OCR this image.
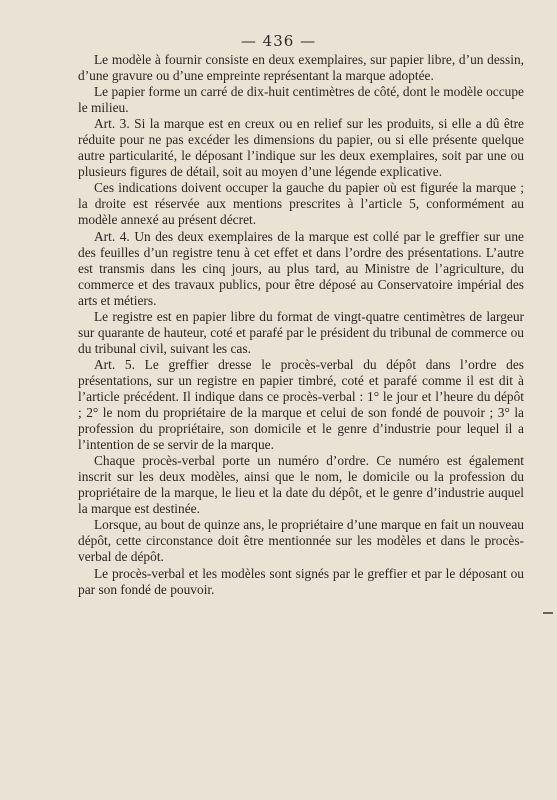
— 436 —

Le modèle à fournir consiste en deux exemplaires, sur papier libre, d’un dessin, d’une gravure ou d’une empreinte représentant la marque adoptée.

Le papier forme un carré de dix-huit centimètres de côté, dont le modèle occupe le milieu.

Art. 3. Si la marque est en creux ou en relief sur les produits, si elle a dû être réduite pour ne pas excéder les dimensions du papier, ou si elle présente quelque autre particularité, le déposant l’indique sur les deux exemplaires, soit par une ou plusieurs figures de détail, soit au moyen d’une légende explicative.

Ces indications doivent occuper la gauche du papier où est figurée la marque ; la droite est réservée aux mentions prescrites à l’article 5, conformément au modèle annexé au présent décret.

Art. 4. Un des deux exemplaires de la marque est collé par le greffier sur une des feuilles d’un registre tenu à cet effet et dans l’ordre des présentations. L’autre est transmis dans les cinq jours, au plus tard, au Ministre de l’agriculture, du commerce et des travaux publics, pour être déposé au Conservatoire impérial des arts et métiers.

Le registre est en papier libre du format de vingt-quatre centimètres de largeur sur quarante de hauteur, coté et parafé par le président du tribunal de commerce ou du tribunal civil, suivant les cas.

Art. 5. Le greffier dresse le procès-verbal du dépôt dans l’ordre des présentations, sur un registre en papier timbré, coté et parafé comme il est dit à l’article précédent. Il indique dans ce procès-verbal : 1° le jour et l’heure du dépôt ; 2° le nom du propriétaire de la marque et celui de son fondé de pouvoir ; 3° la profession du propriétaire, son domicile et le genre d’industrie pour lequel il a l’intention de se servir de la marque.

Chaque procès-verbal porte un numéro d’ordre. Ce numéro est également inscrit sur les deux modèles, ainsi que le nom, le domicile ou la profession du propriétaire de la marque, le lieu et la date du dépôt, et le genre d’industrie auquel la marque est destinée.

Lorsque, au bout de quinze ans, le propriétaire d’une marque en fait un nouveau dépôt, cette circonstance doit être mentionnée sur les modèles et dans le procès-verbal de dépôt.

Le procès-verbal et les modèles sont signés par le greffier et par le déposant ou par son fondé de pouvoir.
